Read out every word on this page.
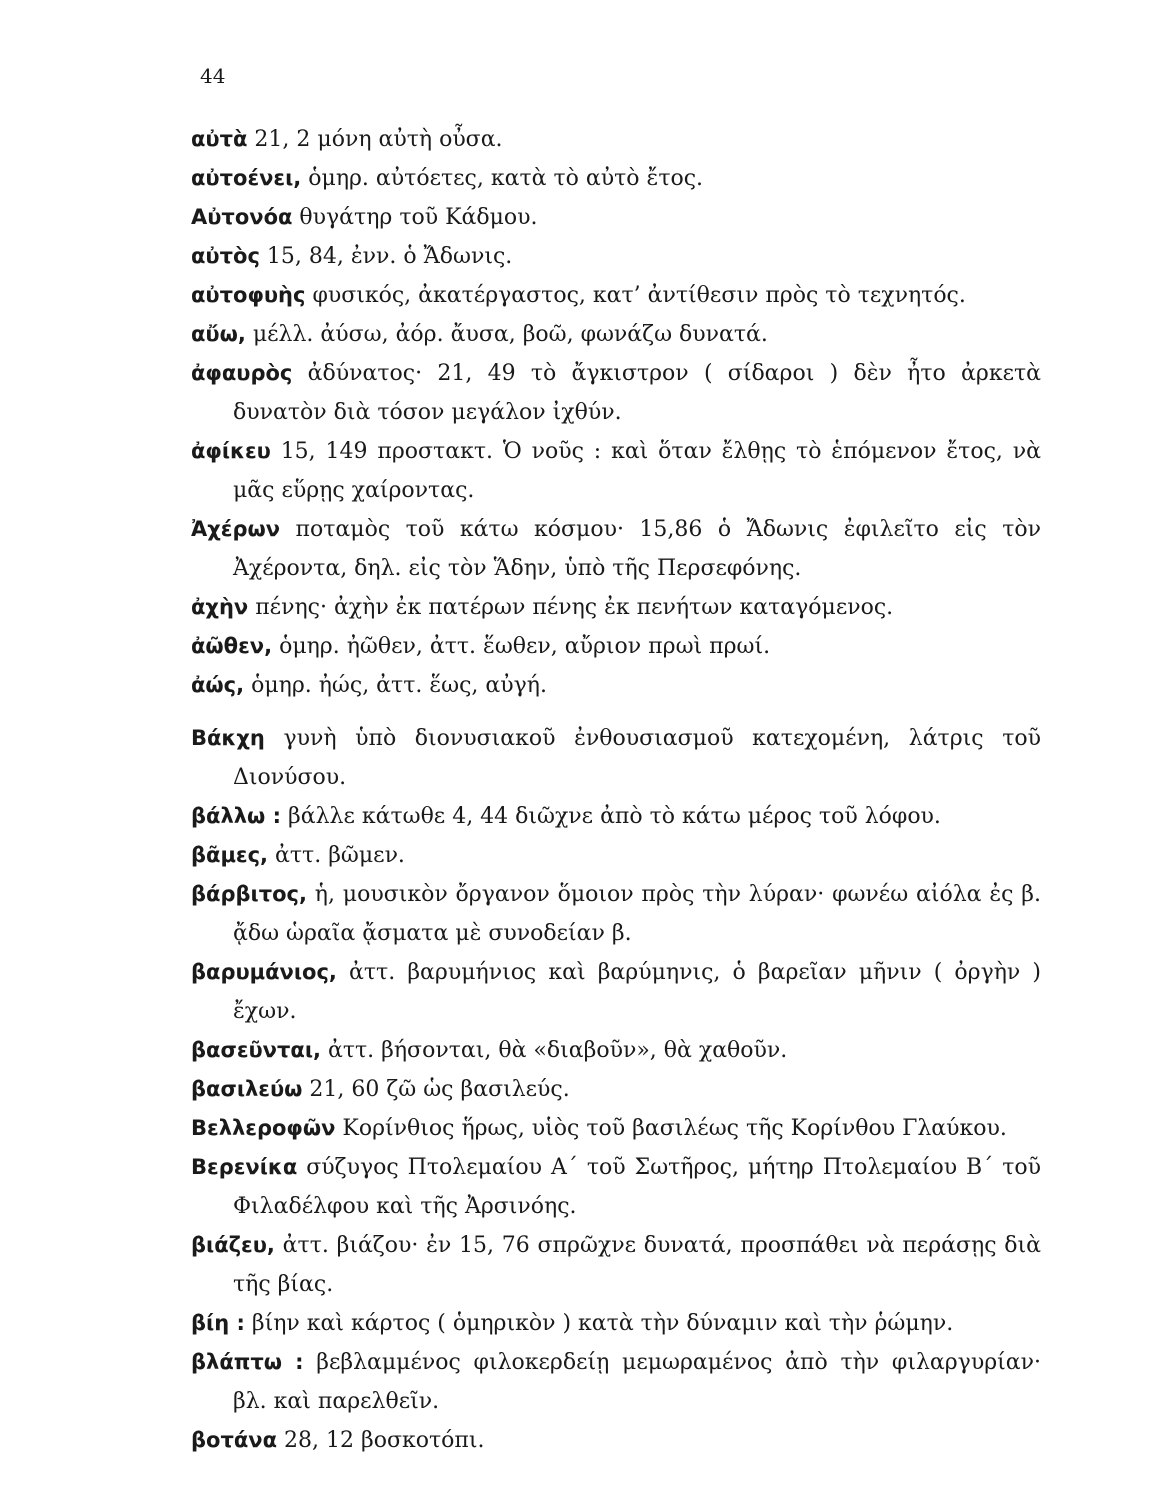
44

αὐτὰ 21, 2 μόνη αὐτὴ οὖσα.

αὐτοένει, ὁμηρ. αὐτόετες, κατὰ τὸ αὐτὸ ἔτος.

Αὐτονόα θυγάτηρ τοῦ Κάδμου.

αὐτὸς 15, 84, ἐνν. ὁ Ἄδωνις.

αὐτοφυὴς φυσικός, ἀκατέργαστος, κατ’ ἀντίθεσιν πρὸς τὸ τεχνητός.

αὔω, μέλλ. ἀύσω, ἀόρ. ἄυσα, βοῶ, φωνάζω δυνατά.

ἀφαυρὸς ἀδύνατος· 21, 49 τὸ ἄγκιστρον ( σίδαροι ) δὲν ἦτο ἀρκετὰ δυνατὸν διὰ τόσον μεγάλον ἰχθύν.

ἀφίκευ 15, 149 προστακτ. Ὁ νοῦς : καὶ ὅταν ἔλθῃς τὸ ἑπόμενον ἔτος, νὰ μᾶς εὕρῃς χαίροντας.

Ἀχέρων ποταμὸς τοῦ κάτω κόσμου· 15,86 ὁ Ἄδωνις ἐφιλεῖτο εἰς τὸν Ἀχέροντα, δηλ. εἰς τὸν Ἅδην, ὑπὸ τῆς Περσεφόνης.

ἀχὴν πένης· ἀχὴν ἐκ πατέρων πένης ἐκ πενήτων καταγόμενος.

ἀῶθεν, ὁμηρ. ἠῶθεν, ἀττ. ἕωθεν, αὔριον πρωὶ πρωί.

ἀώς, ὁμηρ. ἠώς, ἀττ. ἕως, αὐγή.

Βάκχη γυνὴ ὑπὸ διονυσιακοῦ ἐνθουσιασμοῦ κατεχομένη, λάτρις τοῦ Διονύσου.

βάλλω : βάλλε κάτωθε 4, 44 διῶχνε ἀπὸ τὸ κάτω μέρος τοῦ λόφου.

βᾶμες, ἀττ. βῶμεν.

βάρβιτος, ἡ, μουσικὸν ὄργανον ὅμοιον πρὸς τὴν λύραν· φωνέω αἰόλα ἐς β. ᾄδω ὡραῖα ᾄσματα μὲ συνοδείαν β.

βαρυμάνιος, ἀττ. βαρυμήνιος καὶ βαρύμηνις, ὁ βαρεῖαν μῆνιν ( ὀργὴν ) ἔχων.

βασεῦνται, ἀττ. βήσονται, θὰ «διαβοῦν», θὰ χαθοῦν.

βασιλεύω 21, 60 ζῶ ὡς βασιλεύς.

Βελλεροφῶν Κορίνθιος ἥρως, υἱὸς τοῦ βασιλέως τῆς Κορίνθου Γλαύκου.

Βερενίκα σύζυγος Πτολεμαίου Α΄ τοῦ Σωτῆρος, μήτηρ Πτολεμαίου Β΄ τοῦ Φιλαδέλφου καὶ τῆς Ἀρσινόης.

βιάζευ, ἀττ. βιάζου· ἐν 15, 76 σπρῶχνε δυνατά, προσπάθει νὰ περάσῃς διὰ τῆς βίας.

βίη : βίην καὶ κάρτος ( ὁμηρικὸν ) κατὰ τὴν δύναμιν καὶ τὴν ῥώμην.

βλάπτω : βεβλαμμένος φιλοκερδείῃ μεμωραμένος ἀπὸ τὴν φιλαργυρίαν· βλ. καὶ παρελθεῖν.

βοτάνα 28, 12 βοσκοτόπι.
